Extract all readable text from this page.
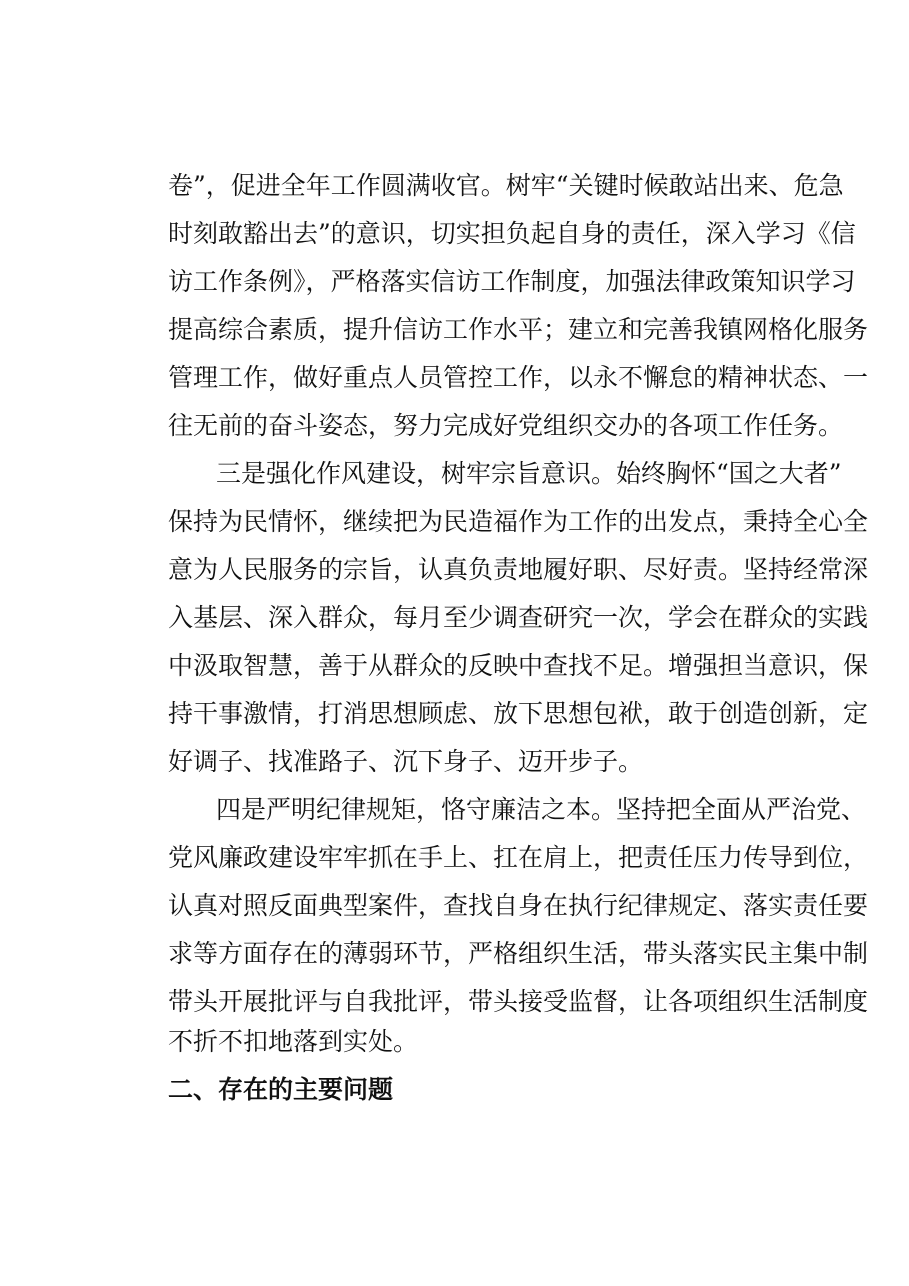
卷”，促进全年工作圆满收官。树牢“关键时候敢站出来、危急
时刻敢豁出去”的意识，切实担负起自身的责任，深入学习《信
访工作条例》，严格落实信访工作制度，加强法律政策知识学习
提高综合素质，提升信访工作水平；建立和完善我镇网格化服务
管理工作，做好重点人员管控工作，以永不懈怠的精神状态、一
往无前的奋斗姿态，努力完成好党组织交办的各项工作任务。
三是强化作风建设，树牢宗旨意识。始终胸怀“国之大者”
保持为民情怀，继续把为民造福作为工作的出发点，秉持全心全
意为人民服务的宗旨，认真负责地履好职、尽好责。坚持经常深
入基层、深入群众，每月至少调查研究一次，学会在群众的实践
中汲取智慧，善于从群众的反映中查找不足。增强担当意识，保
持干事激情，打消思想顾虑、放下思想包袱，敢于创造创新，定
好调子、找准路子、沉下身子、迈开步子。
四是严明纪律规矩，恪守廉洁之本。坚持把全面从严治党、
党风廉政建设牢牢抓在手上、扛在肩上，把责任压力传导到位，
认真对照反面典型案件，查找自身在执行纪律规定、落实责任要
求等方面存在的薄弱环节，严格组织生活，带头落实民主集中制
带头开展批评与自我批评，带头接受监督，让各项组织生活制度
不折不扣地落到实处。
二、存在的主要问题
